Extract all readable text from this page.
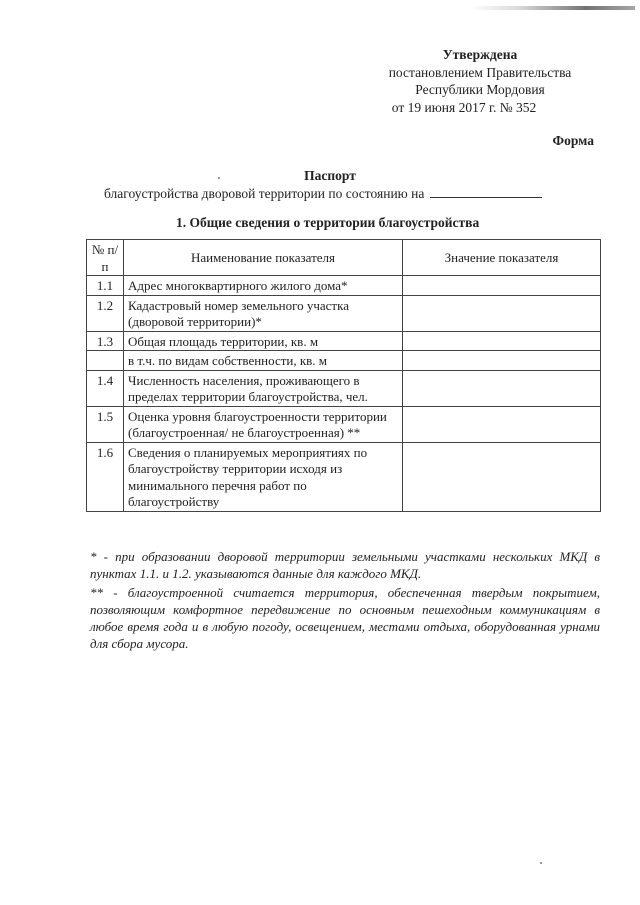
Утверждена
постановлением Правительства
Республики Мордовия
от 19 июня 2017 г. № 352
Форма
Паспорт
благоустройства дворовой территории по состоянию на
1. Общие сведения о территории благоустройства
№ п/п	Наименование показателя	Значение показателя
1.1	Адрес многоквартирного жилого дома*	
1.2	Кадастровый номер земельного участка (дворовой территории)*	
1.3	Общая площадь территории, кв. м	
	в т.ч. по видам собственности, кв. м	
1.4	Численность населения, проживающего в пределах территории благоустройства, чел.	
1.5	Оценка уровня благоустроенности территории (благоустроенная/ не благоустроенная) **	
1.6	Сведения о планируемых мероприятиях по благоустройству территории исходя из минимального перечня работ по благоустройству	

* - при образовании дворовой территории земельными участками нескольких МКД в пунктах 1.1. и 1.2. указываются данные для каждого МКД.

** - благоустроенной считается территория, обеспеченная твердым покрытием, позволяющим комфортное передвижение по основным пешеходным коммуникациям в любое время года и в любую погоду, освещением, местами отдыха, оборудованная урнами для сбора мусора.
